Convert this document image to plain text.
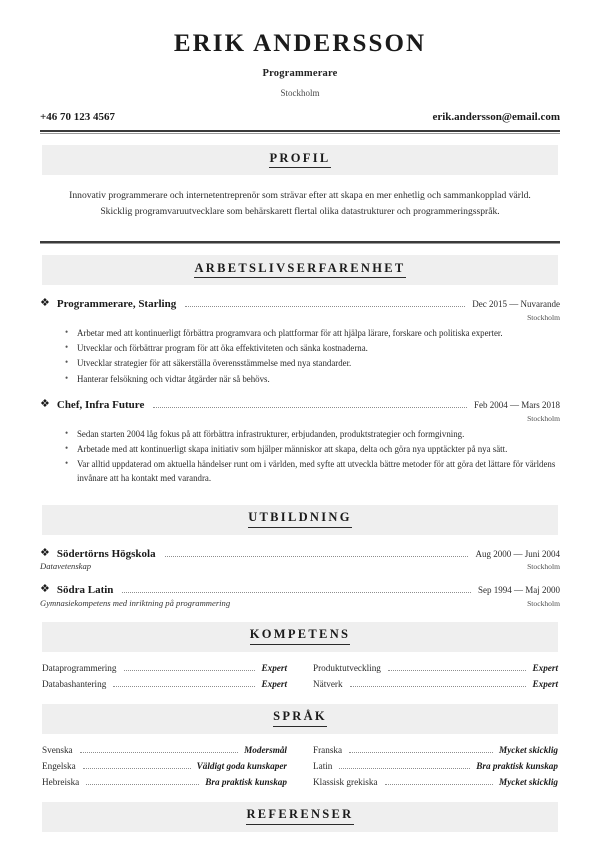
ERIK ANDERSSON
Programmerare
Stockholm
+46 70 123 4567	erik.andersson@email.com
PROFIL
Innovativ programmerare och internetentreprenör som strävar efter att skapa en mer enhetlig och sammankopplad värld. Skicklig programvaruutvecklare som behärskarett flertal olika datastrukturer och programmeringsspråk.
ARBETSLIVSERFARENHET
❖ Programmerare, Starling	Dec 2015 — Nuvarande
Stockholm
• Arbetar med att kontinuerligt förbättra programvara och plattformar för att hjälpa lärare, forskare och politiska experter.
• Utvecklar och förbättrar program för att öka effektiviteten och sänka kostnaderna.
• Utvecklar strategier för att säkerställa överensstämmelse med nya standarder.
• Hanterar felsökning och vidtar åtgärder när så behövs.
❖ Chef, Infra Future	Feb 2004 — Mars 2018
Stockholm
• Sedan starten 2004 låg fokus på att förbättra infrastrukturer, erbjudanden, produktstrategier och formgivning.
• Arbetade med att kontinuerligt skapa initiativ som hjälper människor att skapa, delta och göra nya upptäckter på nya sätt.
• Var alltid uppdaterad om aktuella händelser runt om i världen, med syfte att utveckla bättre metoder för att göra det lättare för världens invånare att ha kontakt med varandra.
UTBILDNING
❖ Södertörns Högskola	Aug 2000 — Juni 2004
Datavetenskap	Stockholm
❖ Södra Latin	Sep 1994 — Maj 2000
Gymnasiekompetens med inriktning på programmering	Stockholm
KOMPETENS
Dataprogrammering	Expert	Produktutveckling	Expert
Databashantering	Expert	Nätverk	Expert
SPRÅK
Svenska	Modersmål	Franska	Mycket skicklig
Engelska	Väldigt goda kunskaper	Latin	Bra praktisk kunskap
Hebreiska	Bra praktisk kunskap	Klassisk grekiska	Mycket skicklig
REFERENSER
